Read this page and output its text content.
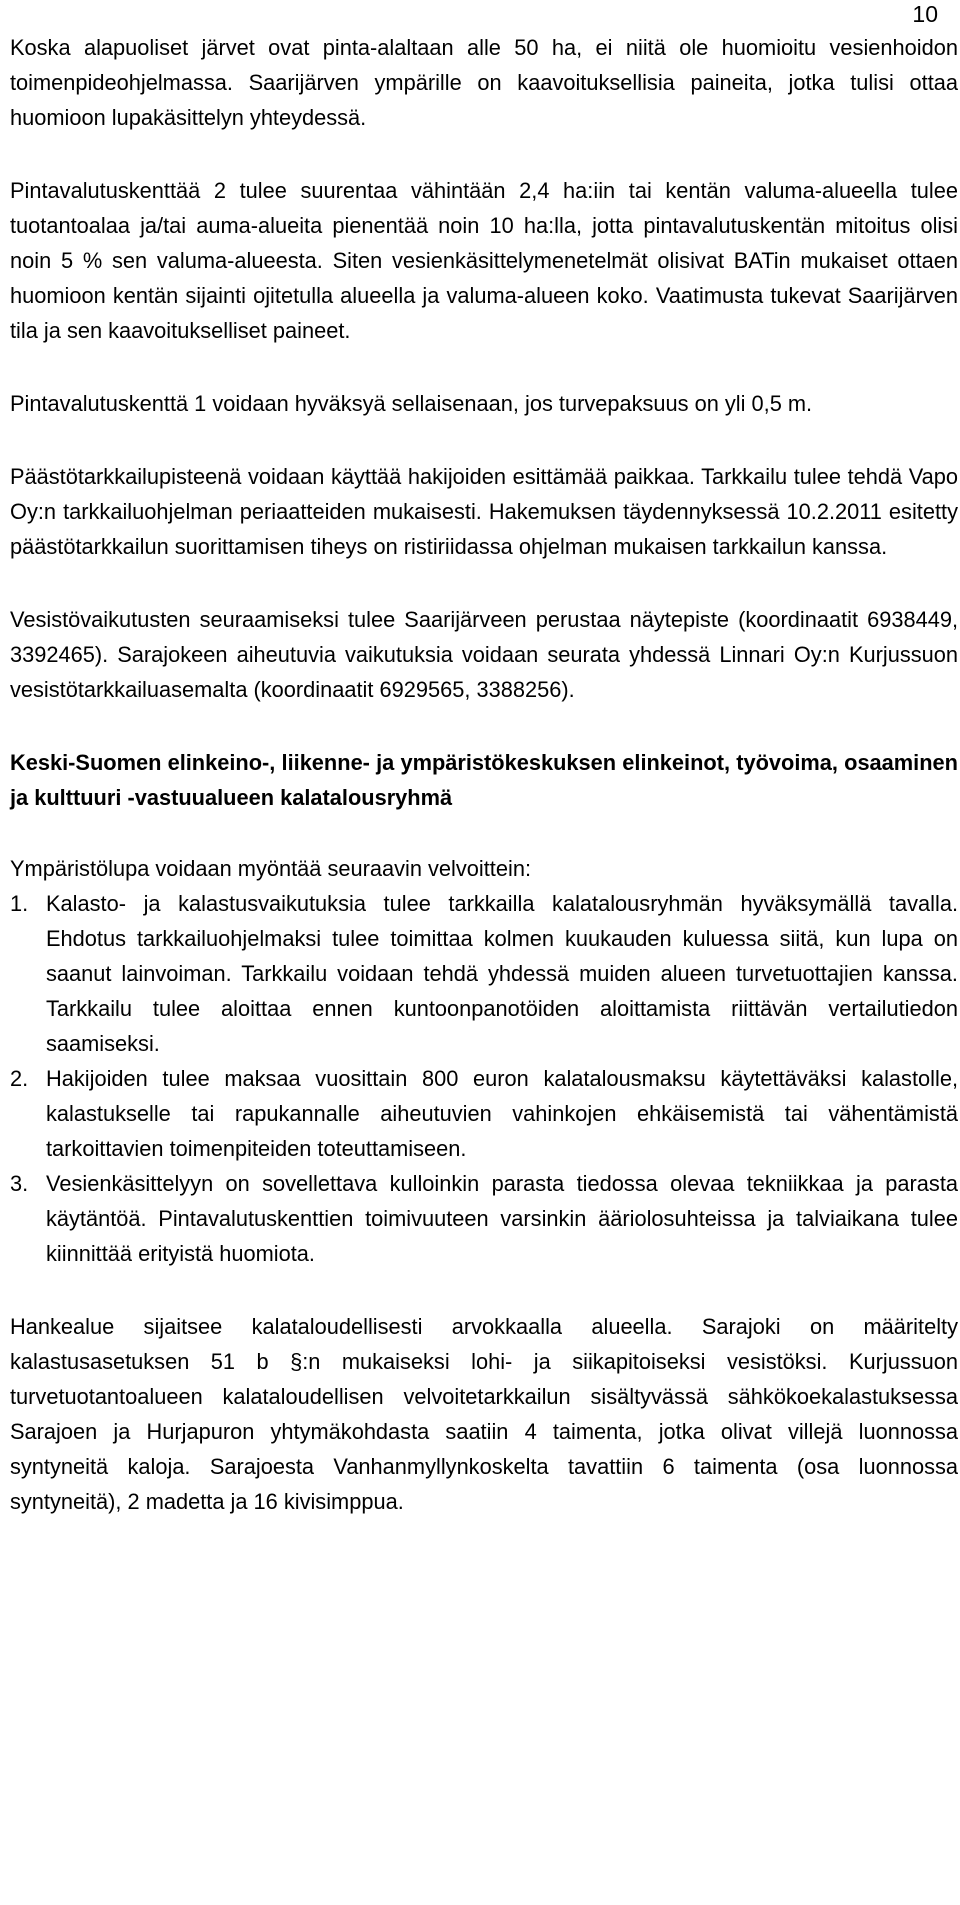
10

Koska alapuoliset järvet ovat pinta-alaltaan alle 50 ha, ei niitä ole huomioitu vesienhoidon toimenpideohjelmassa. Saarijärven ympärille on kaavoituksellisia paineita, jotka tulisi ottaa huomioon lupakäsittelyn yhteydessä.

Pintavalutuskenttää 2 tulee suurentaa vähintään 2,4 ha:iin tai kentän valuma-alueella tulee tuotantoalaa ja/tai auma-alueita pienentää noin 10 ha:lla, jotta pintavalutuskentän mitoitus olisi noin 5 % sen valuma-alueesta. Siten vesienkäsittelymenetelmät olisivat BATin mukaiset ottaen huomioon kentän sijainti ojitetulla alueella ja valuma-alueen koko. Vaatimusta tukevat Saarijärven tila ja sen kaavoitukselliset paineet.

Pintavalutuskenttä 1 voidaan hyväksyä sellaisenaan, jos turvepaksuus on yli 0,5 m.

Päästötarkkailupisteenä voidaan käyttää hakijoiden esittämää paikkaa. Tarkkailu tulee tehdä Vapo Oy:n tarkkailuohjelman periaatteiden mukaisesti. Hakemuksen täydennyksessä 10.2.2011 esitetty päästötarkkailun suorittamisen tiheys on ristiriidassa ohjelman mukaisen tarkkailun kanssa.

Vesistövaikutusten seuraamiseksi tulee Saarijärveen perustaa näytepiste (koordinaatit 6938449, 3392465). Sarajokeen aiheutuvia vaikutuksia voidaan seurata yhdessä Linnari Oy:n Kurjussuon vesistötarkkailuasemalta (koordinaatit 6929565, 3388256).

Keski-Suomen elinkeino-, liikenne- ja ympäristökeskuksen elinkeinot, työvoima, osaaminen ja kulttuuri -vastuualueen kalatalousryhmä

Ympäristölupa voidaan myöntää seuraavin velvoittein:

1. Kalasto- ja kalastusvaikutuksia tulee tarkkailla kalatalousryhmän hyväksymällä tavalla. Ehdotus tarkkailuohjelmaksi tulee toimittaa kolmen kuukauden kuluessa siitä, kun lupa on saanut lainvoiman. Tarkkailu voidaan tehdä yhdessä muiden alueen turvetuottajien kanssa. Tarkkailu tulee aloittaa ennen kuntoonpanotöiden aloittamista riittävän vertailutiedon saamiseksi.
2. Hakijoiden tulee maksaa vuosittain 800 euron kalatalousmaksu käytettäväksi kalastolle, kalastukselle tai rapukannalle aiheutuvien vahinkojen ehkäisemistä tai vähentämistä tarkoittavien toimenpiteiden toteuttamiseen.
3. Vesienkäsittelyyn on sovellettava kulloinkin parasta tiedossa olevaa tekniikkaa ja parasta käytäntöä. Pintavalutuskenttien toimivuuteen varsinkin ääriolosuhteissa ja talviaikana tulee kiinnittää erityistä huomiota.

Hankealue sijaitsee kalataloudellisesti arvokkaalla alueella. Sarajoki on määritelty kalastusasetuksen 51 b §:n mukaiseksi lohi- ja siikapitoiseksi vesistöksi. Kurjussuon turvetuotantoalueen kalataloudellisen velvoitetarkkailun sisältyvässä sähkökoekalastuksessa Sarajoen ja Hurjapuron yhtymäkohdasta saatiin 4 taimenta, jotka olivat villejä luonnossa syntyneitä kaloja. Sarajoesta Vanhanmyllynkoskelta tavattiin 6 taimenta (osa luonnossa syntyneitä), 2 madetta ja 16 kivisimppua.
